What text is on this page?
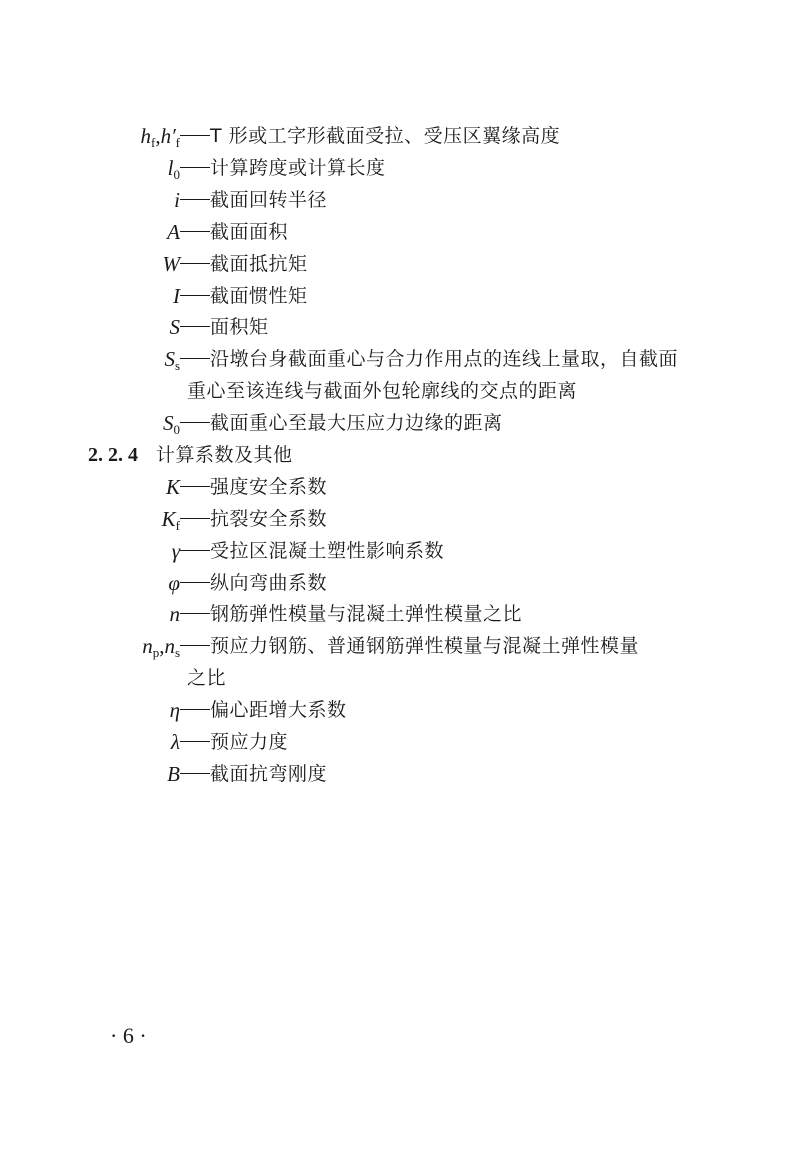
$h_f,h'_f$ T 形或工字形截面受拉、受压区翼缘高度
$l_0$ 计算跨度或计算长度
i 截面回转半径
A 截面面积
W 截面抵抗矩
I 截面惯性矩
S 面积矩
$S_s$ 沿墩台身截面重心与合力作用点的连线上量取，自截面
重心至该连线与截面外包轮廓线的交点的距离
$S_0$ 截面重心至最大压应力边缘的距离
2. 2. 4 计算系数及其他
K 强度安全系数
$K_f$ 抗裂安全系数
γ 受拉区混凝土塑性影响系数
φ 纵向弯曲系数
n 钢筋弹性模量与混凝土弹性模量之比
$n_p,n_s$ 预应力钢筋、普通钢筋弹性模量与混凝土弹性模量
之比
η 偏心距增大系数
λ 预应力度
B 截面抗弯刚度
· 6 ·
